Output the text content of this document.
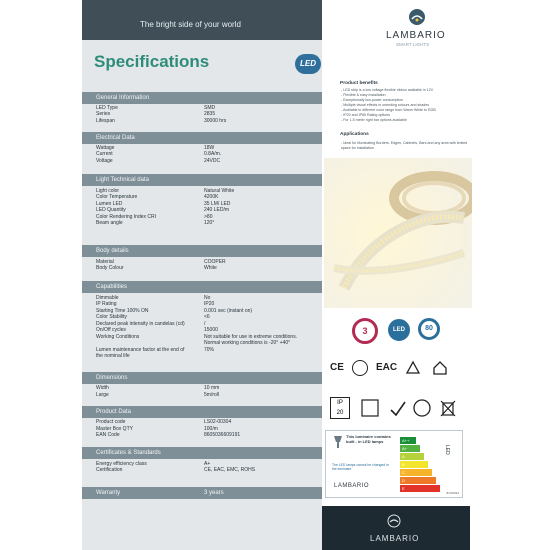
The bright side of your world
LAMBARIO
SMART LIGHTS
Specifications	LED
General Information
LED Type	SMD
Series	2835
Lifespan	30000 hrs
Electrical Data
Wattage	18W
Current	0.8A/m.
Voltage	24VDC
Light Technical data
Light color	Natural White
Color Temperature	4200K
Lumen LED	35 LM/ LED
LED Quantity	240 LED/m
Color Rendering Index CRI	>80
Beam angle	120°
Body details
Material	COOPER
Body Colour	White
Capabilities
Dimmable	No
IP Rating	IP20
Starting Time 100% ON	0.001 sec (instant on)
Color Stability	<6
Declared peak intensity in candelas (cd)	/
On/Off cycles	15000
Working Conditions	Not suitable for use in extreme conditions.
Normal working conditions is -20° +40°
Lumen maintenance factor at the end of	70%
the nominal life
Dimensions
Width	10 mm
Large	5m/roll
Product Data
Product code	LS02-00304
Master Box QTY	100/m
EAN Code	8605036609191
Certificates & Standards
Energy efficiency class	A+
Certification	CE, EAC, EMC, ROHS
Warranty	3 years
Product benefits
- LED strip is a low voltage flexible ribbon available in 12V
- Flexible & easy installation
- Exceptionally low-power consumption
- Multiple visual effects in unending colours and shades
- Available in different color range from Warm White to RGB
- IP20 and IP65 Rating options
- For 1.5 meter right bar options available
Applications
- Ideal for illuminating Borders, Edges, Cabinets, Bars and any area with limited space for installation
3	LED	80
CE	EAC
IP
20
This luminaire contains built - in LED lamps
The LED lamps cannot be changed in the luminaire
LAMBARIO
A++
A+
A
B
C
D
E
LED
874/2012
LAMBARIO
